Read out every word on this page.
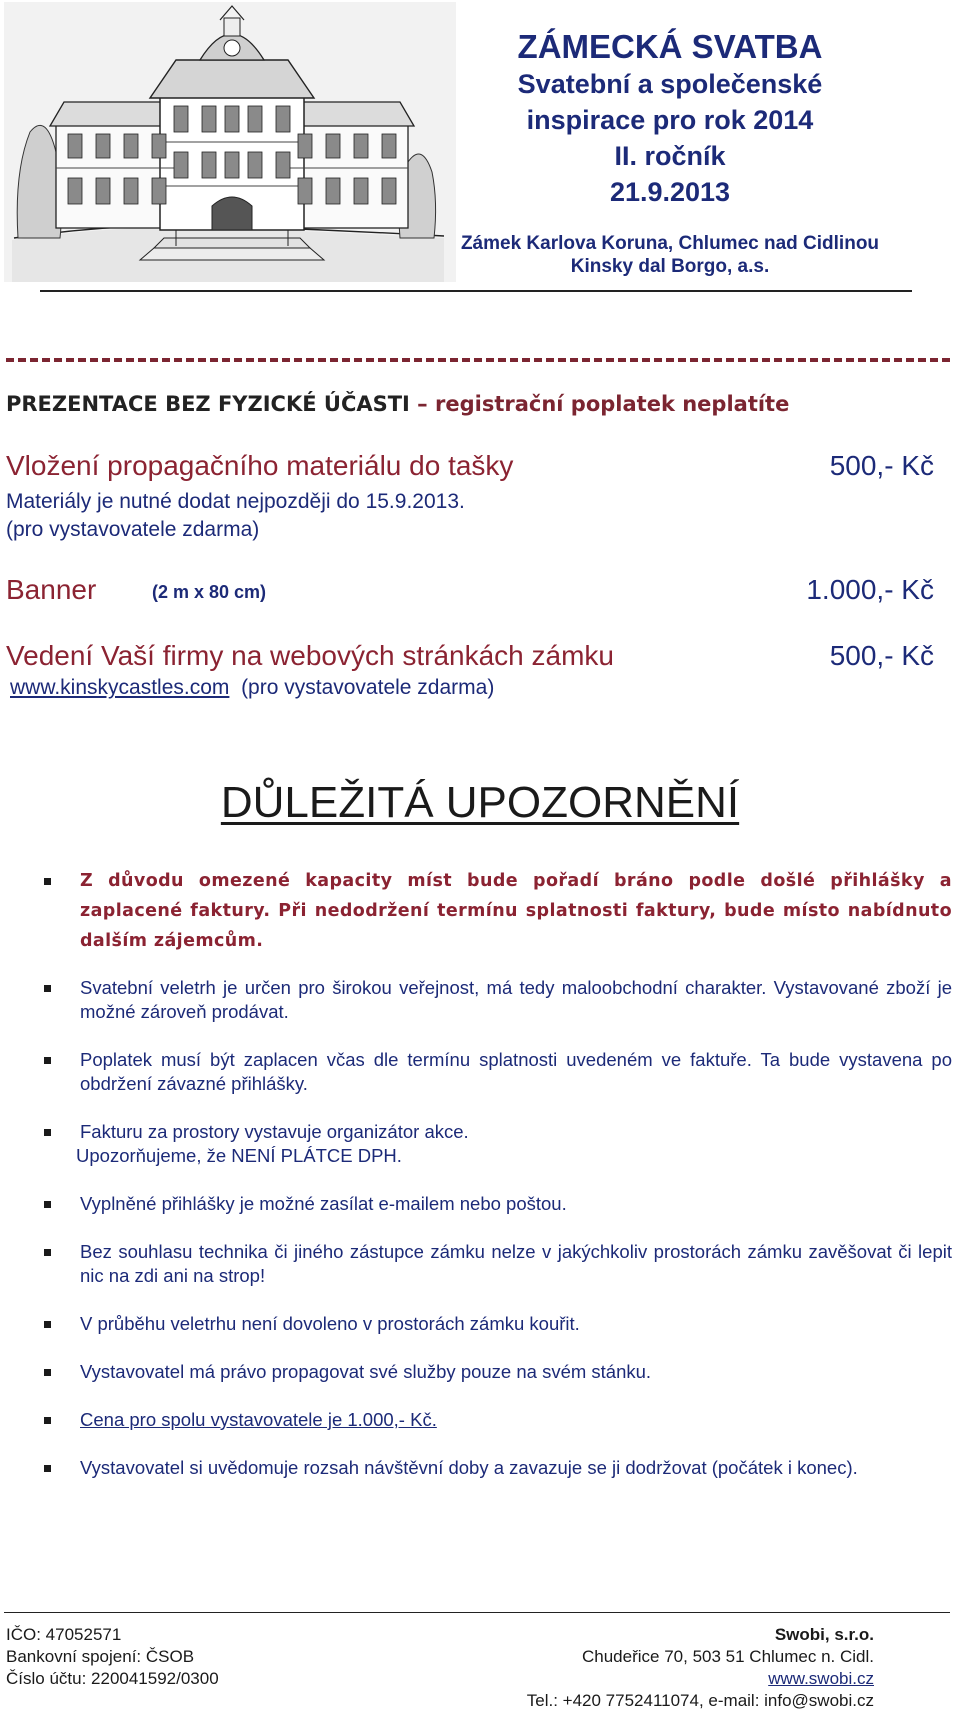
ZÁMECKÁ SVATBA
Svatební a společenské
inspirace pro rok 2014
II. ročník
21.9.2013
Zámek Karlova Koruna, Chlumec nad Cidlinou
Kinsky dal Borgo, a.s.
PREZENTACE BEZ FYZICKÉ ÚČASTI – registrační poplatek neplatíte
Vložení propagačního materiálu do tašky	500,- Kč
Materiály je nutné dodat nejpozději do 15.9.2013.
(pro vystavovatele zdarma)
Banner	(2 m x 80 cm)	1.000,- Kč
Vedení Vaší firmy na webových stránkách zámku	500,- Kč
www.kinskycastles.com (pro vystavovatele zdarma)
DŮLEŽITÁ UPOZORNĚNÍ
Z důvodu omezené kapacity míst bude pořadí bráno podle došlé přihlášky a zaplacené faktury. Při nedodržení termínu splatnosti faktury, bude místo nabídnuto dalším zájemcům.
Svatební veletrh je určen pro širokou veřejnost, má tedy maloobchodní charakter. Vystavované zboží je možné zároveň prodávat.
Poplatek musí být zaplacen včas dle termínu splatnosti uvedeném ve faktuře. Ta bude vystavena po obdržení závazné přihlášky.
Fakturu za prostory vystavuje organizátor akce.
Upozorňujeme, že NENÍ PLÁTCE DPH.
Vyplněné přihlášky je možné zasílat e-mailem nebo poštou.
Bez souhlasu technika či jiného zástupce zámku nelze v jakýchkoliv prostorách zámku zavěšovat či lepit nic na zdi ani na strop!
V průběhu veletrhu není dovoleno v prostorách zámku kouřit.
Vystavovatel má právo propagovat své služby pouze na svém stánku.
Cena pro spolu vystavovatele je 1.000,- Kč.
Vystavovatel si uvědomuje rozsah návštěvní doby a zavazuje se ji dodržovat (počátek i konec).
IČO: 47052571
Bankovní spojení: ČSOB
Číslo účtu: 220041592/0300
Swobi, s.r.o.
Chudeřice 70, 503 51 Chlumec n. Cidl.
www.swobi.cz
Tel.: +420 7752411074, e-mail: info@swobi.cz
